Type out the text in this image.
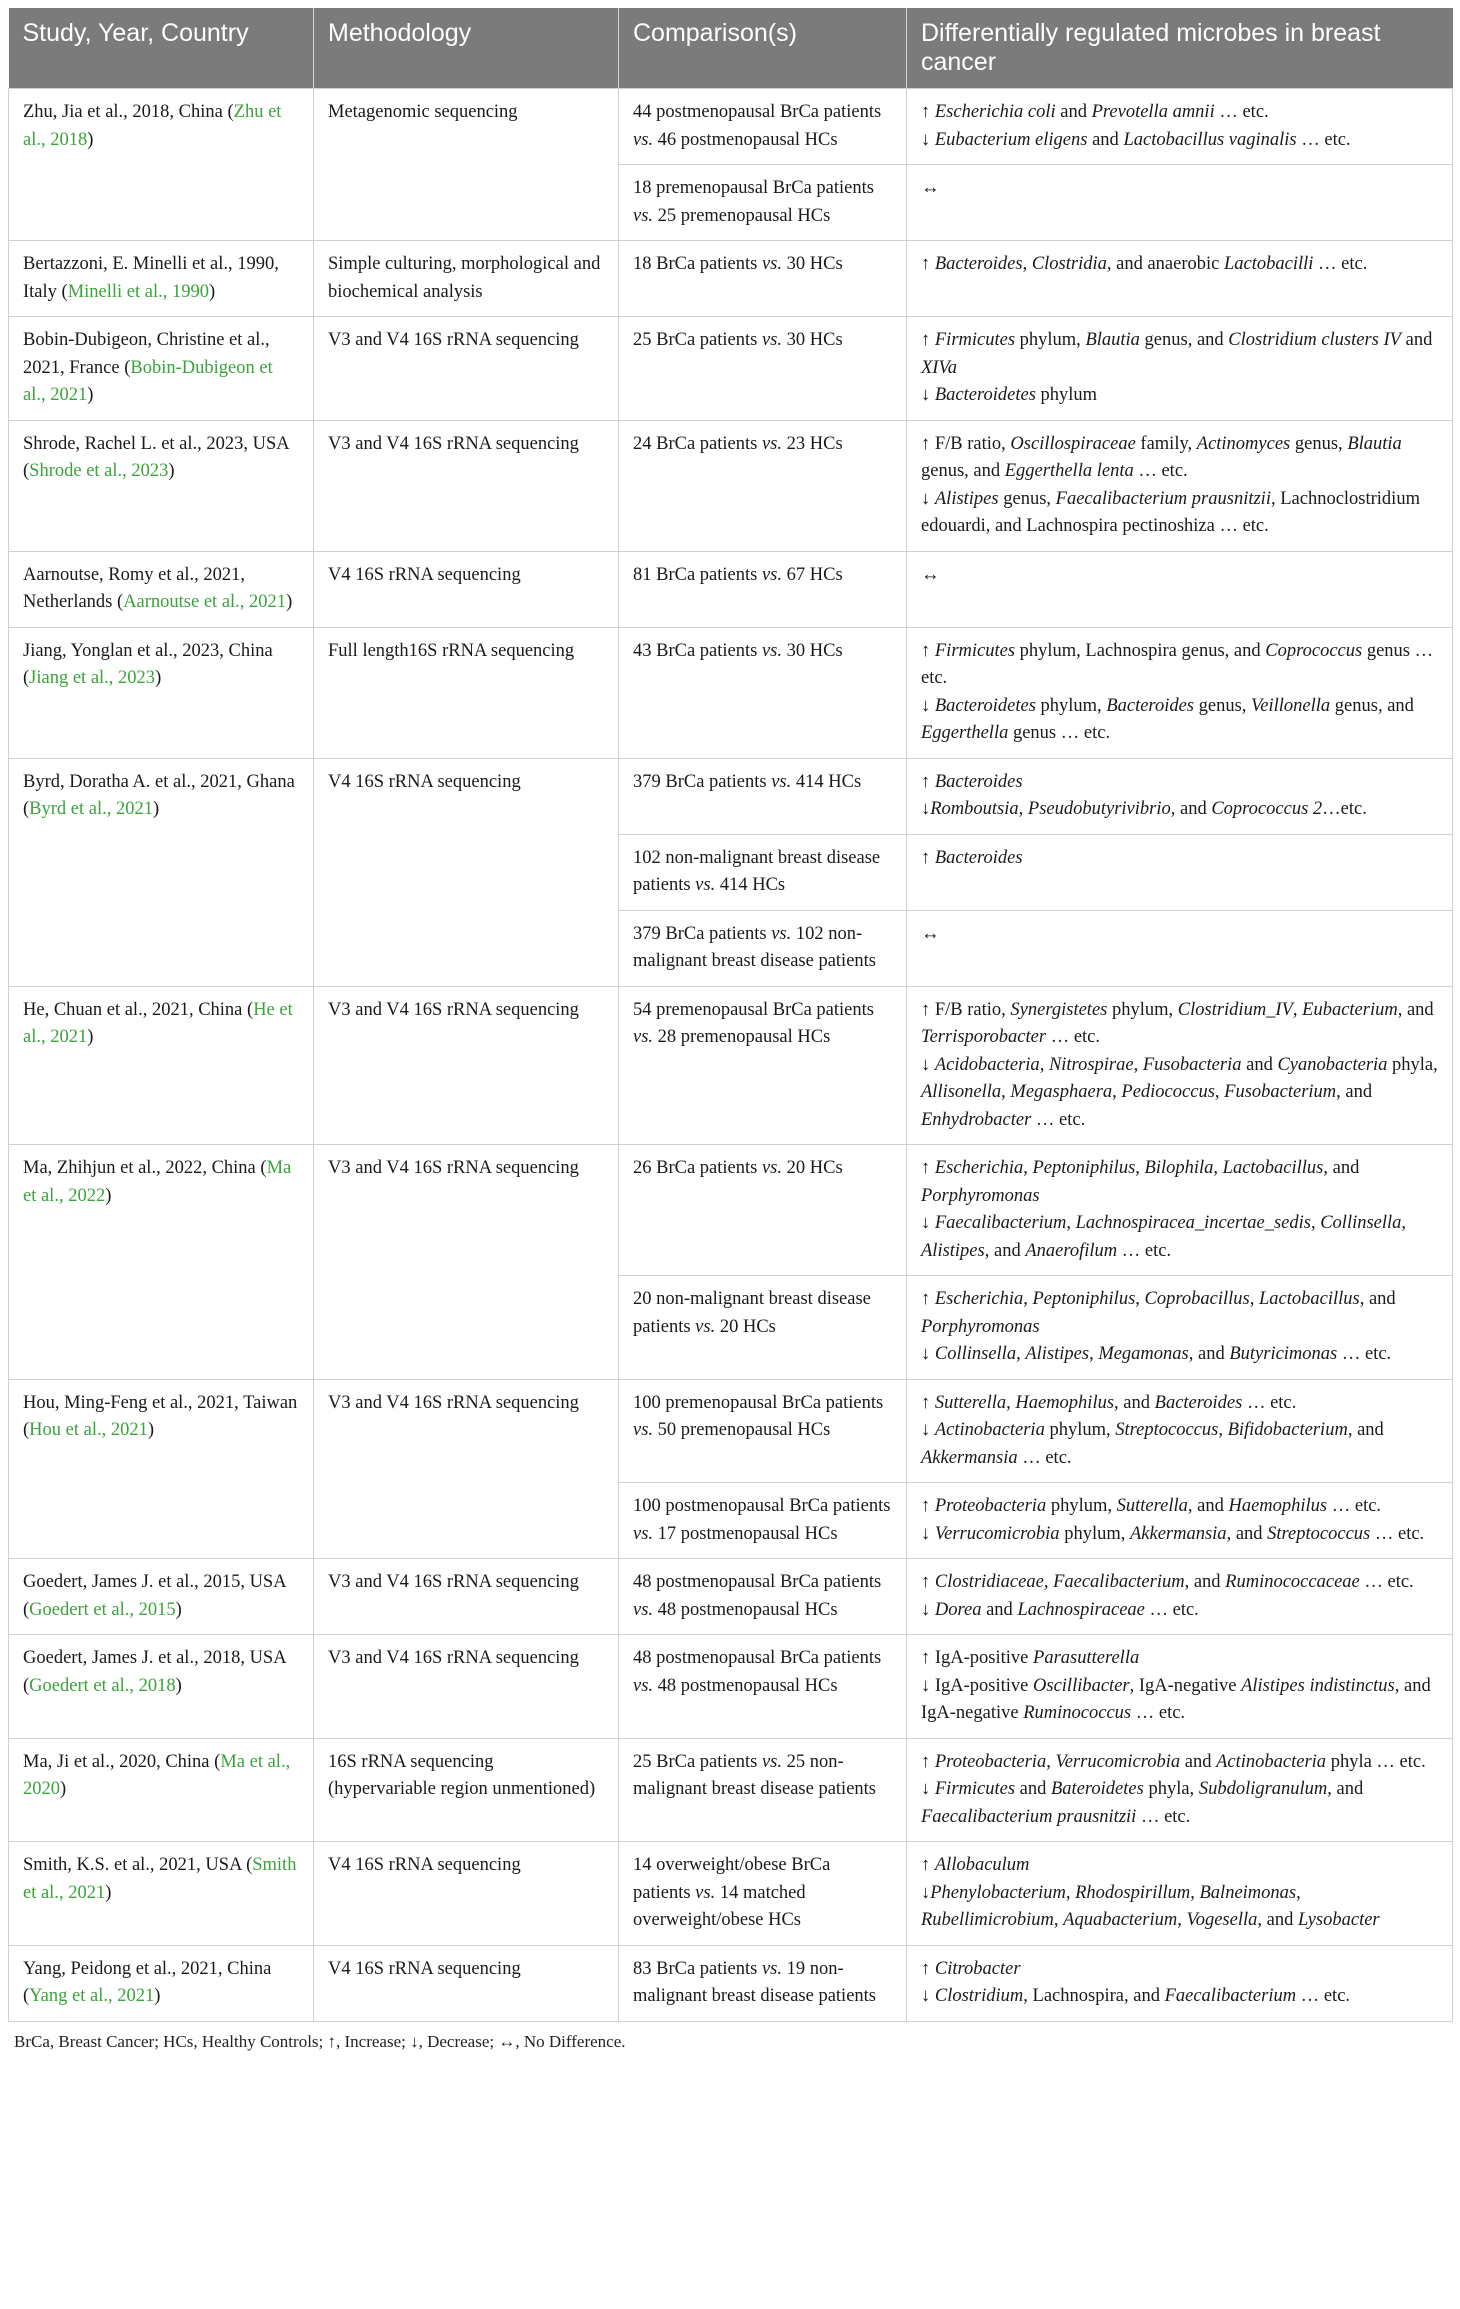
Study, Year, Country	Methodology	Comparison(s)	Differentially regulated microbes in breast cancer
Zhu, Jia et al., 2018, China (Zhu et al., 2018)	Metagenomic sequencing	44 postmenopausal BrCa patients vs. 46 postmenopausal HCs	↑ Escherichia coli and Prevotella amnii … etc.
↓ Eubacterium eligens and Lactobacillus vaginalis … etc.

		18 premenopausal BrCa patients vs. 25 premenopausal HCs	↔

Bertazzoni, E. Minelli et al., 1990, Italy (Minelli et al., 1990)	Simple culturing, morphological and biochemical analysis	18 BrCa patients vs. 30 HCs	↑ Bacteroides, Clostridia, and anaerobic Lactobacilli … etc.

Bobin-Dubigeon, Christine et al., 2021, France (Bobin-Dubigeon et al., 2021)	V3 and V4 16S rRNA sequencing	25 BrCa patients vs. 30 HCs	↑ Firmicutes phylum, Blautia genus, and Clostridium clusters IV and XIVa
↓ Bacteroidetes phylum

Shrode, Rachel L. et al., 2023, USA (Shrode et al., 2023)	V3 and V4 16S rRNA sequencing	24 BrCa patients vs. 23 HCs	↑ F/B ratio, Oscillospiraceae family, Actinomyces genus, Blautia genus, and Eggerthella lenta … etc.
↓ Alistipes genus, Faecalibacterium prausnitzii, Lachnoclostridium edouardi, and Lachnospira pectinoshiza … etc.

Aarnoutse, Romy et al., 2021, Netherlands (Aarnoutse et al., 2021)	V4 16S rRNA sequencing	81 BrCa patients vs. 67 HCs	↔

Jiang, Yonglan et al., 2023, China (Jiang et al., 2023)	Full length16S rRNA sequencing	43 BrCa patients vs. 30 HCs	↑ Firmicutes phylum, Lachnospira genus, and Coprococcus genus … etc.
↓ Bacteroidetes phylum, Bacteroides genus, Veillonella genus, and Eggerthella genus … etc.

Byrd, Doratha A. et al., 2021, Ghana (Byrd et al., 2021)	V4 16S rRNA sequencing	379 BrCa patients vs. 414 HCs	↑ Bacteroides
↓Romboutsia, Pseudobutyrivibrio, and Coprococcus 2…etc.

		102 non-malignant breast disease patients vs. 414 HCs	↑ Bacteroides

		379 BrCa patients vs. 102 non-malignant breast disease patients	↔

He, Chuan et al., 2021, China (He et al., 2021)	V3 and V4 16S rRNA sequencing	54 premenopausal BrCa patients vs. 28 premenopausal HCs	↑ F/B ratio, Synergistetes phylum, Clostridium_IV, Eubacterium, and Terrisporobacter … etc.
↓ Acidobacteria, Nitrospirae, Fusobacteria and Cyanobacteria phyla, Allisonella, Megasphaera, Pediococcus, Fusobacterium, and Enhydrobacter … etc.

Ma, Zhihjun et al., 2022, China (Ma et al., 2022)	V3 and V4 16S rRNA sequencing	26 BrCa patients vs. 20 HCs	↑ Escherichia, Peptoniphilus, Bilophila, Lactobacillus, and Porphyromonas
↓ Faecalibacterium, Lachnospiracea_incertae_sedis, Collinsella, Alistipes, and Anaerofilum … etc.

		20 non-malignant breast disease patients vs. 20 HCs	↑ Escherichia, Peptoniphilus, Coprobacillus, Lactobacillus, and Porphyromonas
↓ Collinsella, Alistipes, Megamonas, and Butyricimonas … etc.

Hou, Ming-Feng et al., 2021, Taiwan (Hou et al., 2021)	V3 and V4 16S rRNA sequencing	100 premenopausal BrCa patients vs. 50 premenopausal HCs	↑ Sutterella, Haemophilus, and Bacteroides … etc.
↓ Actinobacteria phylum, Streptococcus, Bifidobacterium, and Akkermansia … etc.

		100 postmenopausal BrCa patients vs. 17 postmenopausal HCs	↑ Proteobacteria phylum, Sutterella, and Haemophilus … etc.
↓ Verrucomicrobia phylum, Akkermansia, and Streptococcus … etc.

Goedert, James J. et al., 2015, USA (Goedert et al., 2015)	V3 and V4 16S rRNA sequencing	48 postmenopausal BrCa patients vs. 48 postmenopausal HCs	↑ Clostridiaceae, Faecalibacterium, and Ruminococcaceae … etc.
↓ Dorea and Lachnospiraceae … etc.

Goedert, James J. et al., 2018, USA (Goedert et al., 2018)	V3 and V4 16S rRNA sequencing	48 postmenopausal BrCa patients vs. 48 postmenopausal HCs	↑ IgA-positive Parasutterella
↓ IgA-positive Oscillibacter, IgA-negative Alistipes indistinctus, and IgA-negative Ruminococcus … etc.

Ma, Ji et al., 2020, China (Ma et al., 2020)	16S rRNA sequencing (hypervariable region unmentioned)	25 BrCa patients vs. 25 non-malignant breast disease patients	↑ Proteobacteria, Verrucomicrobia and Actinobacteria phyla … etc.
↓ Firmicutes and Bateroidetes phyla, Subdoligranulum, and Faecalibacterium prausnitzii … etc.

Smith, K.S. et al., 2021, USA (Smith et al., 2021)	V4 16S rRNA sequencing	14 overweight/obese BrCa patients vs. 14 matched overweight/obese HCs	↑ Allobaculum
↓Phenylobacterium, Rhodospirillum, Balneimonas, Rubellimicrobium, Aquabacterium, Vogesella, and Lysobacter

Yang, Peidong et al., 2021, China (Yang et al., 2021)	V4 16S rRNA sequencing	83 BrCa patients vs. 19 non-malignant breast disease patients	↑ Citrobacter
↓ Clostridium, Lachnospira, and Faecalibacterium … etc.
BrCa, Breast Cancer; HCs, Healthy Controls; ↑, Increase; ↓, Decrease; ↔, No Difference.
